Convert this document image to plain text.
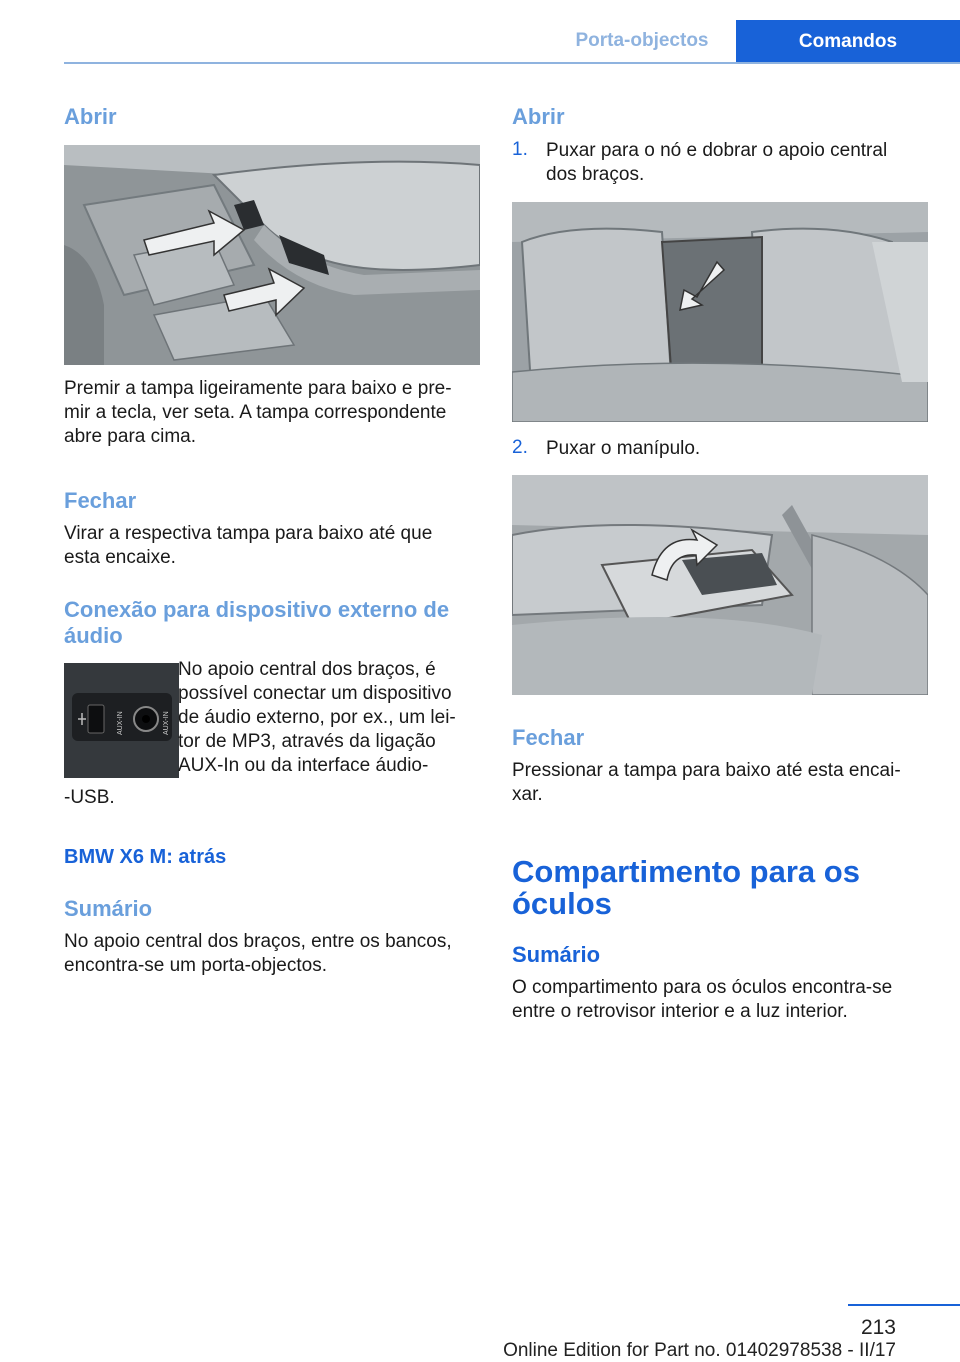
Porta-objectos	Comandos
Abrir
Premir a tampa ligeiramente para baixo e pre-
mir a tecla, ver seta. A tampa correspondente
abre para cima.
Fechar
Virar a respectiva tampa para baixo até que
esta encaixe.
Conexão para dispositivo externo de
áudio
AUX-IN	AUX-IN
No apoio central dos braços, é
possível conectar um dispositivo
de áudio externo, por ex., um lei-
tor de MP3, através da ligação
AUX-In ou da interface áudio-
-USB.
BMW X6 M: atrás
Sumário
No apoio central dos braços, entre os bancos,
encontra-se um porta-objectos.
Abrir
1. Puxar para o nó e dobrar o apoio central
dos braços.
2. Puxar o manípulo.
Fechar
Pressionar a tampa para baixo até esta encai-
xar.
Compartimento para os
óculos
Sumário
O compartimento para os óculos encontra-se
entre o retrovisor interior e a luz interior.
213
Online Edition for Part no. 01402978538 - II/17
